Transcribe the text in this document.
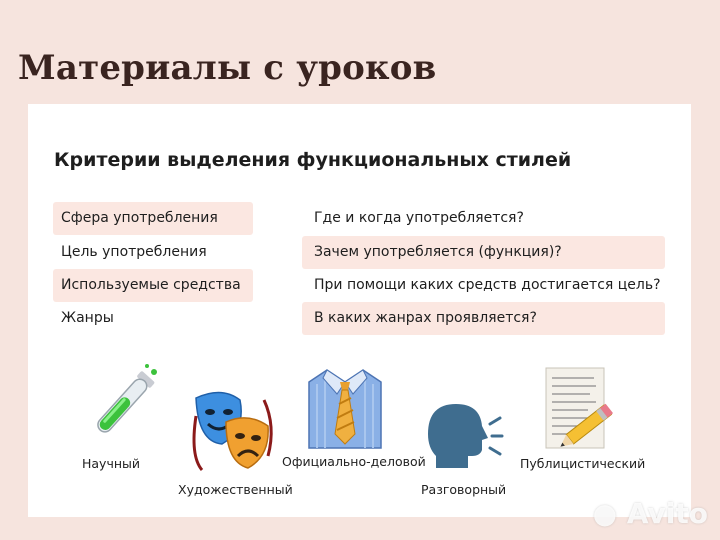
Материалы с уроков
Критерии выделения функциональных стилей
Сфера употребления	Где и когда употребляется?
Цель употребления	Зачем употребляется (функция)?
Используемые средства	При помощи каких средств достигается цель?
Жанры	В каких жанрах проявляется?
Научный
Художественный
Официально-деловой
Разговорный
Публицистический
● Avito
